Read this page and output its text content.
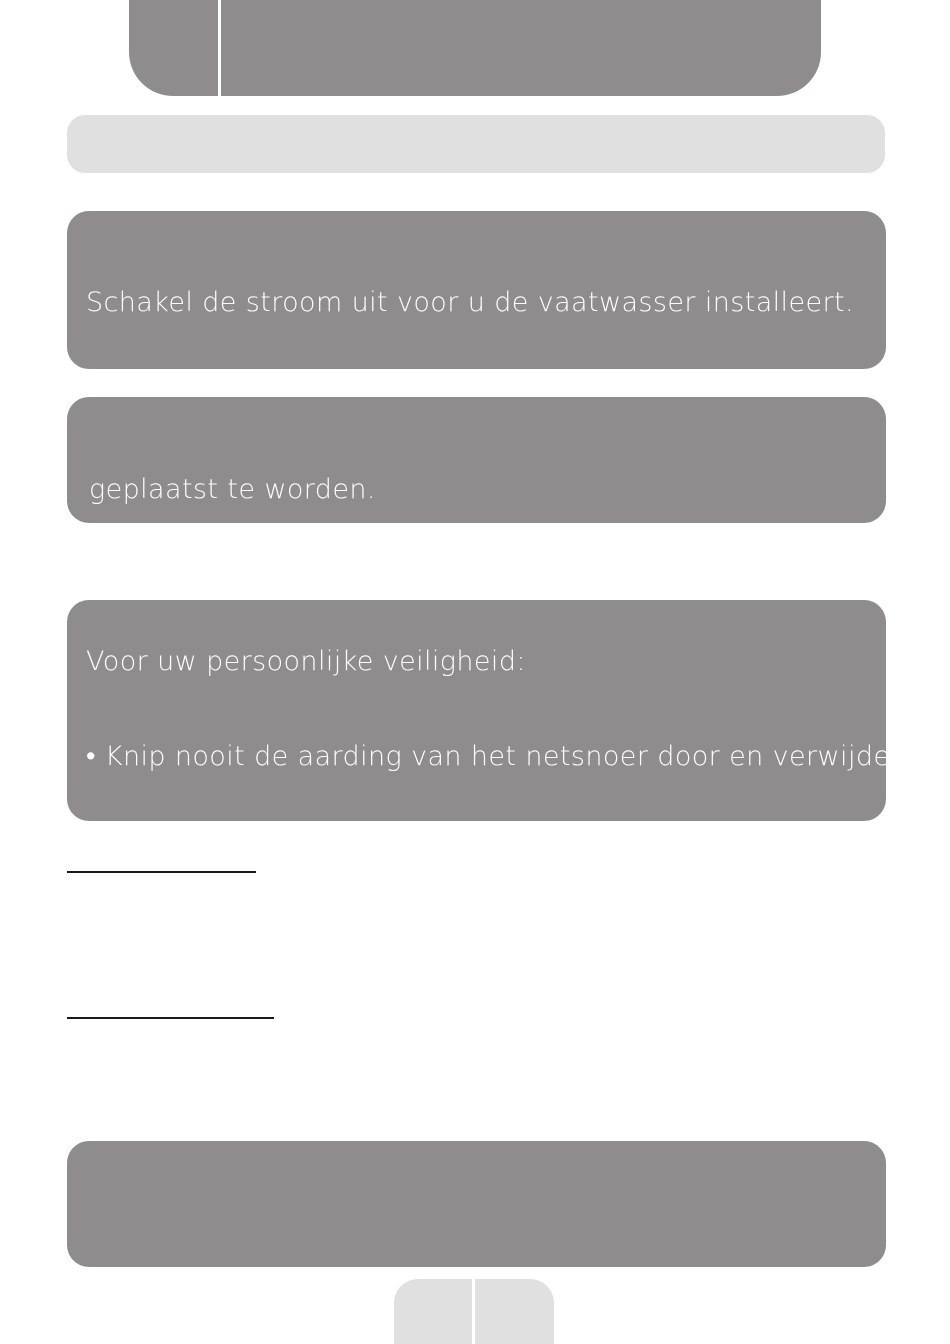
Schakel de stroom uit voor u de vaatwasser installeert.
geplaatst te worden.
Voor uw persoonlijke veiligheid:
• Knip nooit de aarding van het netsnoer door en verwijder
